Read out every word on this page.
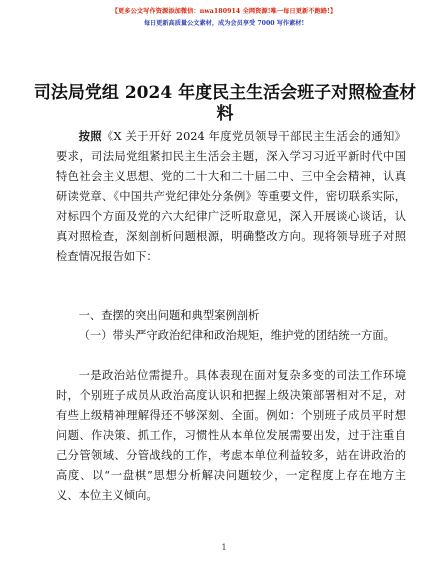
【更多公文写作资源添加微信：nwa180914 全网资源!唯一每日更新不跑路!】
每日更新高质量公文素材，成为会员享受 7000 写作素材!
司法局党组 2024 年度民主生活会班子对照检查材料
按照《X 关于开好 2024 年度党员领导干部民主生活会的通知》要求，司法局党组紧扣民主生活会主题，深入学习习近平新时代中国特色社会主义思想、党的二十大和二十届二中、三中全会精神，认真研读党章、《中国共产党纪律处分条例》等重要文件，密切联系实际，对标四个方面及党的六大纪律广泛听取意见，深入开展谈心谈话，认真对照检查，深刻剖析问题根源，明确整改方向。现将领导班子对照检查情况报告如下：
一、查摆的突出问题和典型案例剖析
（一）带头严守政治纪律和政治规矩，维护党的团结统一方面。
一是政治站位需提升。具体表现在面对复杂多变的司法工作环境时，个别班子成员从政治高度认识和把握上级决策部署相对不足，对有些上级精神理解得还不够深刻、全面。例如：个别班子成员平时想问题、作决策、抓工作，习惯性从本单位发展需要出发，过于注重自己分管领域、分管战线的工作，考虑本单位利益较多，站在讲政治的高度、以“一盘棋”思想分析解决问题较少，一定程度上存在地方主义、本位主义倾向。
1
